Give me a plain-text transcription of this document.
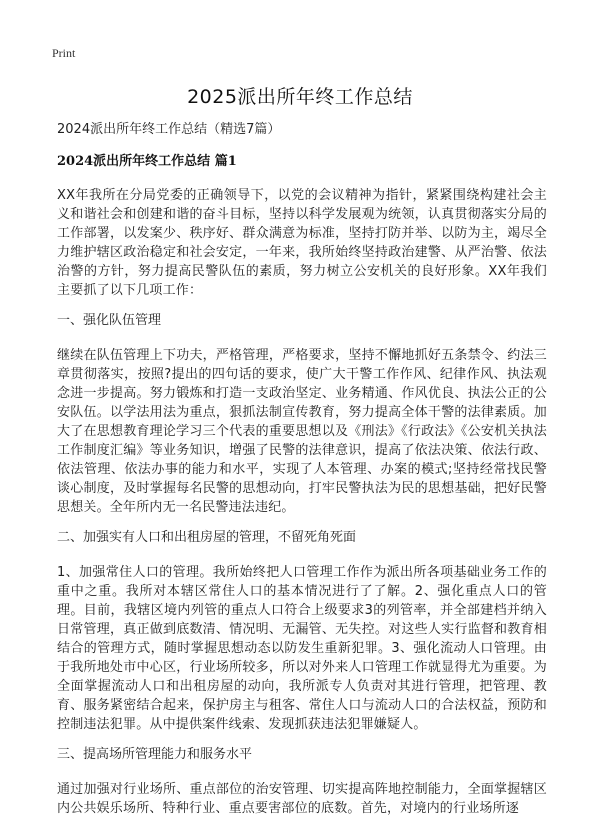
Print
2025派出所年终工作总结

2024派出所年终工作总结（精选7篇）

2024派出所年终工作总结 篇1

XX年我所在分局党委的正确领导下，以党的会议精神为指针，紧紧围绕构建社会主义和谐社会和创建和谐的奋斗目标，坚持以科学发展观为统领，认真贯彻落实分局的工作部署，以发案少、秩序好、群众满意为标准，坚持打防并举、以防为主，竭尽全力维护辖区政治稳定和社会安定，一年来，我所始终坚持政治建警、从严治警、依法治警的方针，努力提高民警队伍的素质，努力树立公安机关的良好形象。XX年我们主要抓了以下几项工作：

一、强化队伍管理

继续在队伍管理上下功夫，严格管理，严格要求，坚持不懈地抓好五条禁令、约法三章贯彻落实，按照?提出的四句话的要求，使广大干警工作作风、纪律作风、执法观念进一步提高。努力锻炼和打造一支政治坚定、业务精通、作风优良、执法公正的公安队伍。以学法用法为重点，狠抓法制宣传教育，努力提高全体干警的法律素质。加大了在思想教育理论学习三个代表的重要思想以及《刑法》《行政法》《公安机关执法工作制度汇编》等业务知识，增强了民警的法律意识，提高了依法决策、依法行政、依法管理、依法办事的能力和水平，实现了人本管理、办案的模式;坚持经常找民警谈心制度，及时掌握每名民警的思想动向，打牢民警执法为民的思想基础，把好民警思想关。全年所内无一名民警违法违纪。

二、加强实有人口和出租房屋的管理，不留死角死面

1、加强常住人口的管理。我所始终把人口管理工作作为派出所各项基础业务工作的重中之重。我所对本辖区常住人口的基本情况进行了了解。2、强化重点人口的管理。目前，我辖区境内列管的重点人口符合上级要求3的列管率，并全部建档并纳入日常管理，真正做到底数清、情况明、无漏管、无失控。对这些人实行监督和教育相结合的管理方式，随时掌握思想动态以防发生重新犯罪。3、强化流动人口管理。由于我所地处市中心区，行业场所较多，所以对外来人口管理工作就显得尤为重要。为全面掌握流动人口和出租房屋的动向，我所派专人负责对其进行管理，把管理、教育、服务紧密结合起来，保护房主与租客、常住人口与流动人口的合法权益，预防和控制违法犯罪。从中提供案件线索、发现抓获违法犯罪嫌疑人。

三、提高场所管理能力和服务水平

通过加强对行业场所、重点部位的治安管理、切实提高阵地控制能力，全面掌握辖区内公共娱乐场所、特种行业、重点要害部位的底数。首先，对境内的行业场所逐
